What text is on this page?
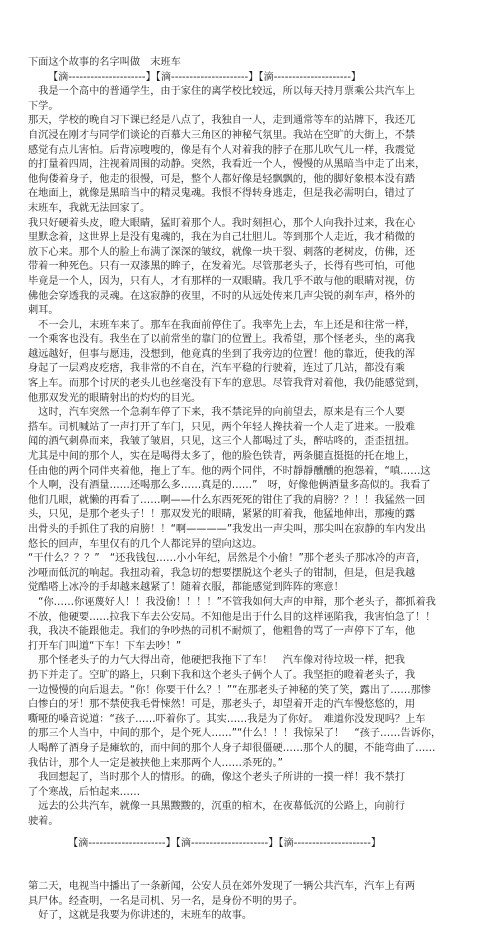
下面这个故事的名字叫做　末班车
【滴---------------------】【滴---------------------】【滴---------------------】
　我是一个高中的普通学生，由于家住的离学校比较远，所以每天持月票乘公共汽车上
下学。
那天，学校的晚自习下课已经是八点了，我独自一人，走到通常等车的站牌下，我还兀
自沉浸在刚才与同学们谈论的百慕大三角区的神秘气氛里。我站在空旷的大街上，不禁
感觉有点儿害怕。后背凉嗖嗖的，像是有个人对着我的脖子在那儿吹气儿一样，我震觉
的打量着四周，注视着周围的动静。突然，我看近一个人，慢慢的从黑暗当中走了出来，
他佝偻着身子，他走的很慢，可是，整个人都好像是轻飘飘的，他的脚好象根本没有踏
在地面上，就像是黑暗当中的精灵鬼魂。我恨不得转身逃走，但是我必需明白，错过了
末班车，我就无法回家了。
我只好硬着头皮，瞪大眼睛，猛盯着那个人。我时刻担心，那个人向我扑过来，我在心
里默念着，这世界上是没有鬼魂的，我在为自己壮胆儿。等到那个人走近，我才稍微的
放下心来。那个人的脸上布满了深深的皱纹，就像一块干裂、刺落的老树皮，仿佛，还
带着一种死色。只有一双漆黑的眸子，在发着光。尽管那老头子，长得有些可怕，可他
毕竟是一个人，因为，只有人，才有那样的一双眼睛。我几乎不敢与他的眼睛对视，仿
佛他会穿透我的灵魂。在这寂静的夜里，不时的从远处传来几声尖锐的刹车声，格外的
刺耳。
　不一会儿，末班车来了。那车在我面前停住了。我率先上去，车上还是和往常一样，
一个乘客也没有。我坐在了以前常坐的靠门的位置上。我希望，那个怪老头，坐的离我
越远越好，但事与愿违，没想到，他竟真的坐到了我旁边的位置！他的靠近，使我的浑
身起了一层鸡皮疙瘩，我非常的不自在，汽车平稳的行驶着，连过了几站，都没有乘
客上车。而那个讨厌的老头儿也丝毫没有下车的意思。尽管我背对着他，我仍能感觉到，
他那双发光的眼睛射出的灼灼的目光。
　这时，汽车突然一个急刹车停了下来，我不禁诧异的向前望去，原来是有三个人要
搭车。司机喊站了一声打开了车门，只见，两个年轻人搀扶着一个人走了进来。一股难
闻的酒气刺鼻而来，我皱了皱眉，只见，这三个人都喝过了头，醉咕咚的，歪歪扭扭。
尤其是中间的那个人，实在是喝得太多了，他的脸色铁青，两条腿直挺挺的托在地上，
任由他的两个同伴夹着他，拖上了车。他的两个同伴，不时靜靜醺醺的抱怨着，“嗔……这
个人啊，没有酒量……还喝那么多……真是的……”　呀，好像他俩酒量多高似的。我看了
他们几眼，就懒的再看了……啊——什么东西死死的钳住了我的肩膀？？！！我猛然一回
头，只见，是那个老头子！！那双发光的眼睛，紧紧的盯着我，他猛地伸出，那瘦的露
出骨头的手抓住了我的肩膀！！“啊————”我发出一声尖叫，那尖叫在寂静的车内发出
悠长的回声，车里仅有的几个人都诧异的望向这边。
“干什么？？？”　“还我钱包……小小年纪，居然是个小偷！”那个老头子那冰冷的声音，
沙哑而低沉的响起。我扭动着，我急切的想要摆脱这个老头子的钳制，但是，但是我越
觉酷嗒上冰冷的手却越来越紧了！随着衣服，都能感觉到阵阵的寒意！
　“你……你诬蔑好人！！我没偷！！！！”不管我如何大声的申辩，那个老头子，都抓着我
不放，他硬要……拉我下车去公安局。不知他是出于什么目的这样诬陷我，我害怕急了！！
我，我决不能跟他走。我们的争吵热的司机不耐烦了，他粗鲁的骂了一声停下了车，他
打开车门叫道“下车！下车去吵！”
　那个怪老头子的力气大得出奇，他硬把我拖下了车！　汽车像对待垃圾一样，把我
扔下并走了。空旷的路上，只剩下我和这个老头子俩个人了。我坚拒的瞪着老头子，我
一边慢慢的向后退去。“你！你要干什么？！”“在那老头子神秘的笑了笑，露出了……那惨
白惨白的牙！那不禁使我毛骨悚然！可是，那老头子，却望着开走的汽车慢悠悠的，用
嘶哑的嗓音说道：“孩子……吓着你了。其实……我是为了你好。　难道你没发现吗？上车
的那三个人当中，中间的那个，是个死人……”“什么！！！我惊呆了！　“孩子……告诉你，
人喝醉了酒身子是瘫软的，而中间的那个人身子却很僵硬……那个人的腿，不能弯曲了……
我估计，那个人一定是被挟他上来那两个人……杀死的。”
　我回想起了，当时那个人的情形。的确，像这个老头子所讲的一摸一样！我不禁打
了个寒战，后怕起来……
　远去的公共汽车，就像一具黑黢黢的，沉重的棺木，在夜幕低沉的公路上，向前行
驶着。
【滴---------------------】【滴---------------------】【滴---------------------】
第二天，电视当中播出了一条新闻，公安人员在郊外发现了一辆公共汽车，汽车上有两
具尸体。经查明，一名是司机、另一名，是身份不明的男子。
　好了，这就是我要为你讲述的，末班车的故事。
